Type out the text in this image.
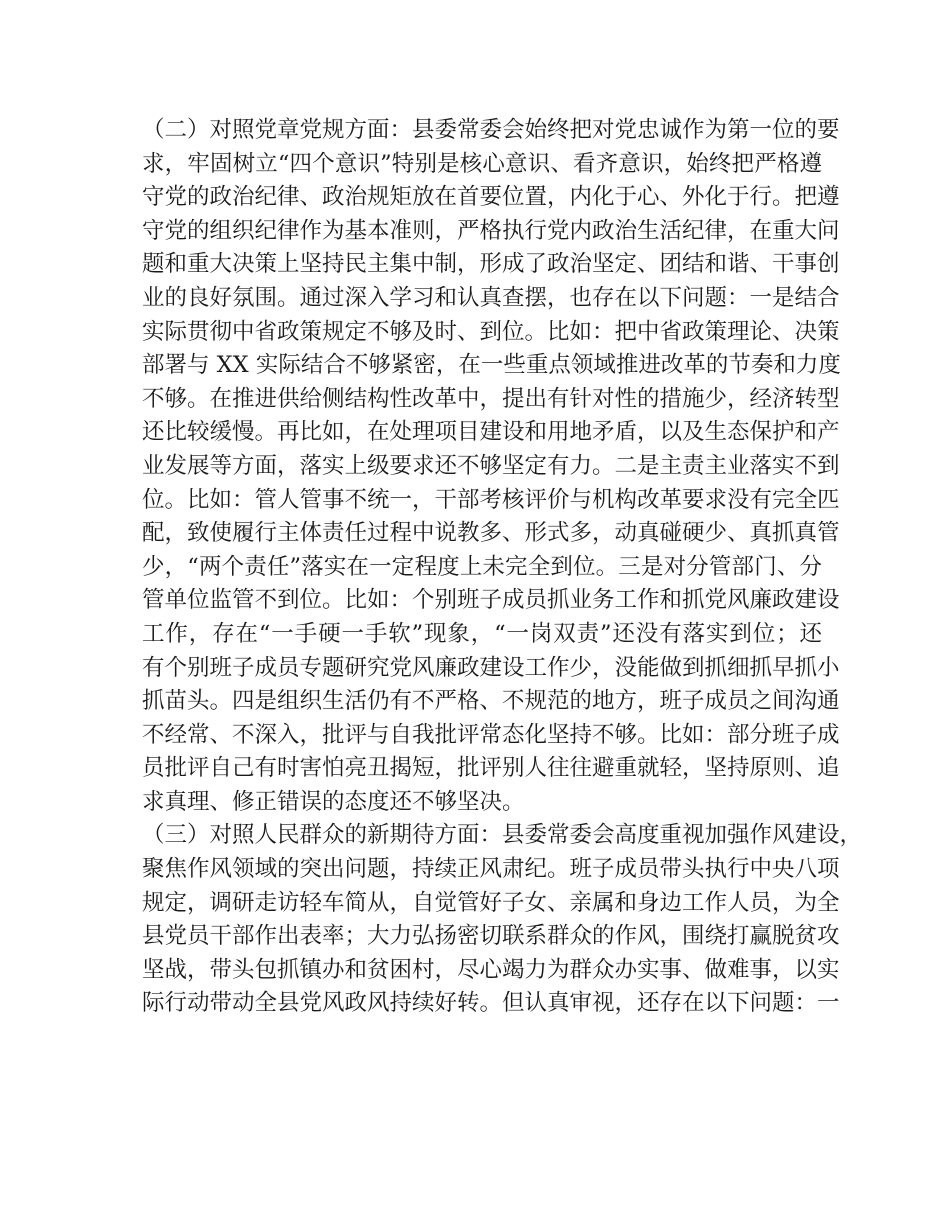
（二）对照党章党规方面：县委常委会始终把对党忠诚作为第一位的要
求，牢固树立“四个意识”特别是核心意识、看齐意识，始终把严格遵
守党的政治纪律、政治规矩放在首要位置，内化于心、外化于行。把遵
守党的组织纪律作为基本准则，严格执行党内政治生活纪律，在重大问
题和重大决策上坚持民主集中制，形成了政治坚定、团结和谐、干事创
业的良好氛围。通过深入学习和认真查摆，也存在以下问题：一是结合
实际贯彻中省政策规定不够及时、到位。比如：把中省政策理论、决策
部署与 XX 实际结合不够紧密，在一些重点领域推进改革的节奏和力度
不够。在推进供给侧结构性改革中，提出有针对性的措施少，经济转型
还比较缓慢。再比如，在处理项目建设和用地矛盾，以及生态保护和产
业发展等方面，落实上级要求还不够坚定有力。二是主责主业落实不到
位。比如：管人管事不统一，干部考核评价与机构改革要求没有完全匹
配，致使履行主体责任过程中说教多、形式多，动真碰硬少、真抓真管
少，“两个责任”落实在一定程度上未完全到位。三是对分管部门、分
管单位监管不到位。比如：个别班子成员抓业务工作和抓党风廉政建设
工作，存在“一手硬一手软”现象，“一岗双责”还没有落实到位；还
有个别班子成员专题研究党风廉政建设工作少，没能做到抓细抓早抓小
抓苗头。四是组织生活仍有不严格、不规范的地方，班子成员之间沟通
不经常、不深入，批评与自我批评常态化坚持不够。比如：部分班子成
员批评自己有时害怕亮丑揭短，批评别人往往避重就轻，坚持原则、追
求真理、修正错误的态度还不够坚决。
（三）对照人民群众的新期待方面：县委常委会高度重视加强作风建设，
聚焦作风领域的突出问题，持续正风肃纪。班子成员带头执行中央八项
规定，调研走访轻车简从，自觉管好子女、亲属和身边工作人员，为全
县党员干部作出表率；大力弘扬密切联系群众的作风，围绕打赢脱贫攻
坚战，带头包抓镇办和贫困村，尽心竭力为群众办实事、做难事，以实
际行动带动全县党风政风持续好转。但认真审视，还存在以下问题：一
